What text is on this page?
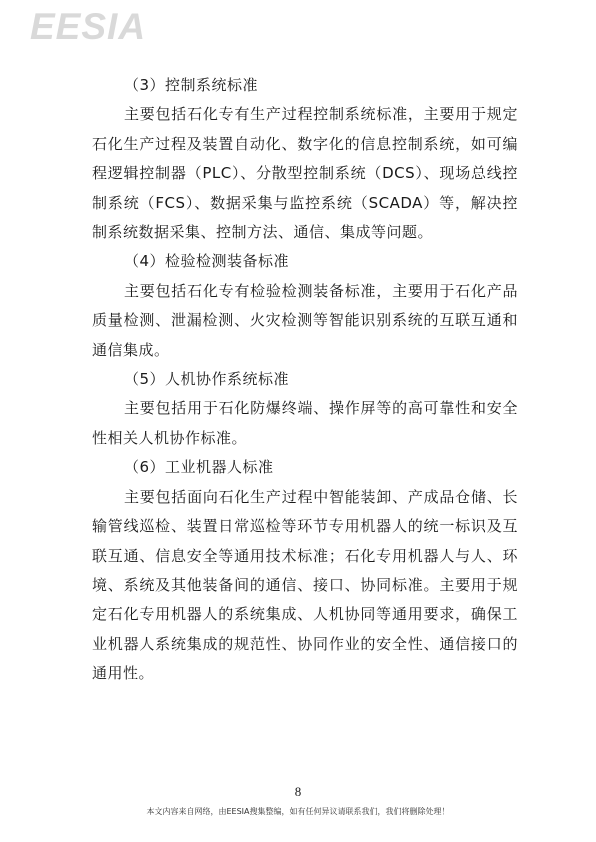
EESIA

（3）控制系统标准

主要包括石化专有生产过程控制系统标准，主要用于规定石化生产过程及装置自动化、数字化的信息控制系统，如可编程逻辑控制器（PLC）、分散型控制系统（DCS）、现场总线控制系统（FCS）、数据采集与监控系统（SCADA）等，解决控制系统数据采集、控制方法、通信、集成等问题。

（4）检验检测装备标准

主要包括石化专有检验检测装备标准，主要用于石化产品质量检测、泄漏检测、火灾检测等智能识别系统的互联互通和通信集成。

（5）人机协作系统标准

主要包括用于石化防爆终端、操作屏等的高可靠性和安全性相关人机协作标准。

（6）工业机器人标准

主要包括面向石化生产过程中智能装卸、产成品仓储、长输管线巡检、装置日常巡检等环节专用机器人的统一标识及互联互通、信息安全等通用技术标准；石化专用机器人与人、环境、系统及其他装备间的通信、接口、协同标准。主要用于规定石化专用机器人的系统集成、人机协同等通用要求，确保工业机器人系统集成的规范性、协同作业的安全性、通信接口的通用性。

8
本文内容来自网络，由EESIA搜集整编，如有任何异议请联系我们，我们将删除处理！
